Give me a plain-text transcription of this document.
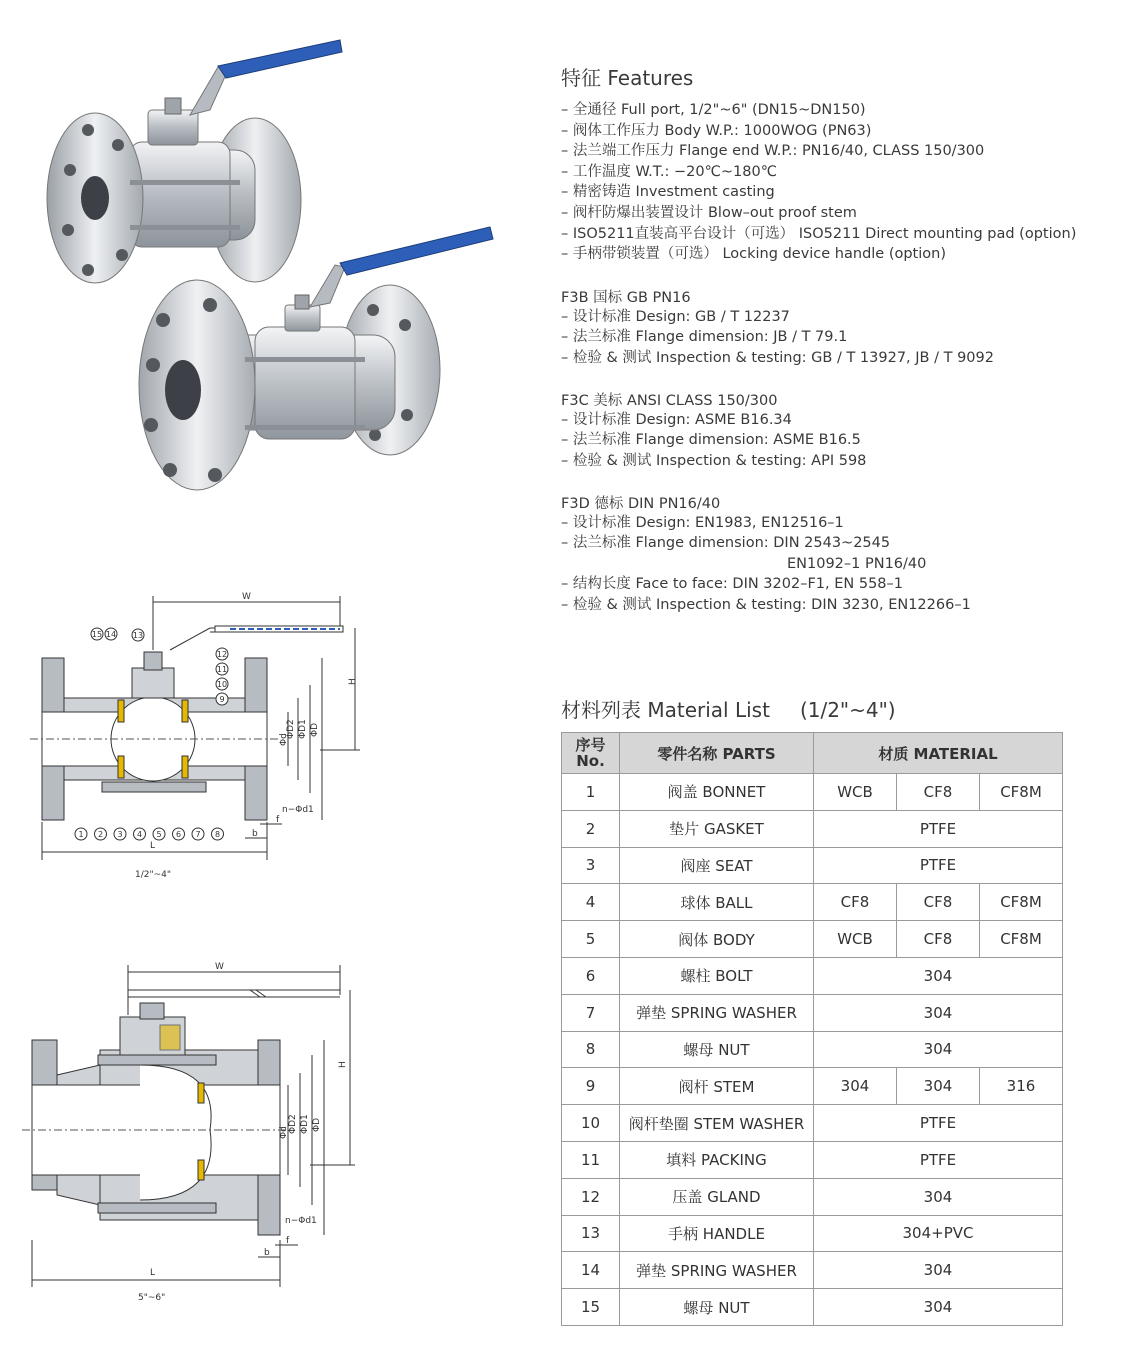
W
H
Φd
ΦD2 ΦD1 ΦD
n−Φd1
b
f
L
1/2"~4"
15 14 13
12
11
10
9
1 2 3 4 5 6 7 8
W
H
Φd ΦD2 ΦD1 ΦD
n−Φd1
b
f
L
5"~6"
特征 Features
– 全通径 Full port, 1/2"~6" (DN15~DN150)
– 阀体工作压力 Body W.P.: 1000WOG (PN63)
– 法兰端工作压力 Flange end W.P.: PN16/40, CLASS 150/300
– 工作温度 W.T.: −20℃~180℃
– 精密铸造 Investment casting
– 阀杆防爆出装置设计 Blow–out proof stem
– ISO5211直装高平台设计（可选） ISO5211 Direct mounting pad (option)
– 手柄带锁装置（可选） Locking device handle (option)
F3B 国标 GB PN16
– 设计标准 Design: GB / T 12237
– 法兰标准 Flange dimension: JB / T 79.1
– 检验 & 测试 Inspection & testing: GB / T 13927, JB / T 9092
F3C 美标 ANSI CLASS 150/300
– 设计标准 Design: ASME B16.34
– 法兰标准 Flange dimension: ASME B16.5
– 检验 & 测试 Inspection & testing: API 598
F3D 德标 DIN PN16/40
– 设计标准 Design: EN1983, EN12516–1
– 法兰标准 Flange dimension: DIN 2543~2545
EN1092–1 PN16/40
– 结构长度 Face to face: DIN 3202–F1, EN 558–1
– 检验 & 测试 Inspection & testing: DIN 3230, EN12266–1
材料列表 Material List (1/2"~4")
序号
No.	零件名称 PARTS	材质 MATERIAL		
1	阀盖 BONNET	WCB	CF8	CF8M
2	垫片 GASKET	PTFE		
3	阀座 SEAT	PTFE		
4	球体 BALL	CF8	CF8	CF8M
5	阀体 BODY	WCB	CF8	CF8M
6	螺柱 BOLT	304		
7	弹垫 SPRING WASHER	304		
8	螺母 NUT	304		
9	阀杆 STEM	304	304	316
10	阀杆垫圈 STEM WASHER	PTFE		
11	填料 PACKING	PTFE		
12	压盖 GLAND	304		
13	手柄 HANDLE	304+PVC		
14	弹垫 SPRING WASHER	304		
15	螺母 NUT	304		
